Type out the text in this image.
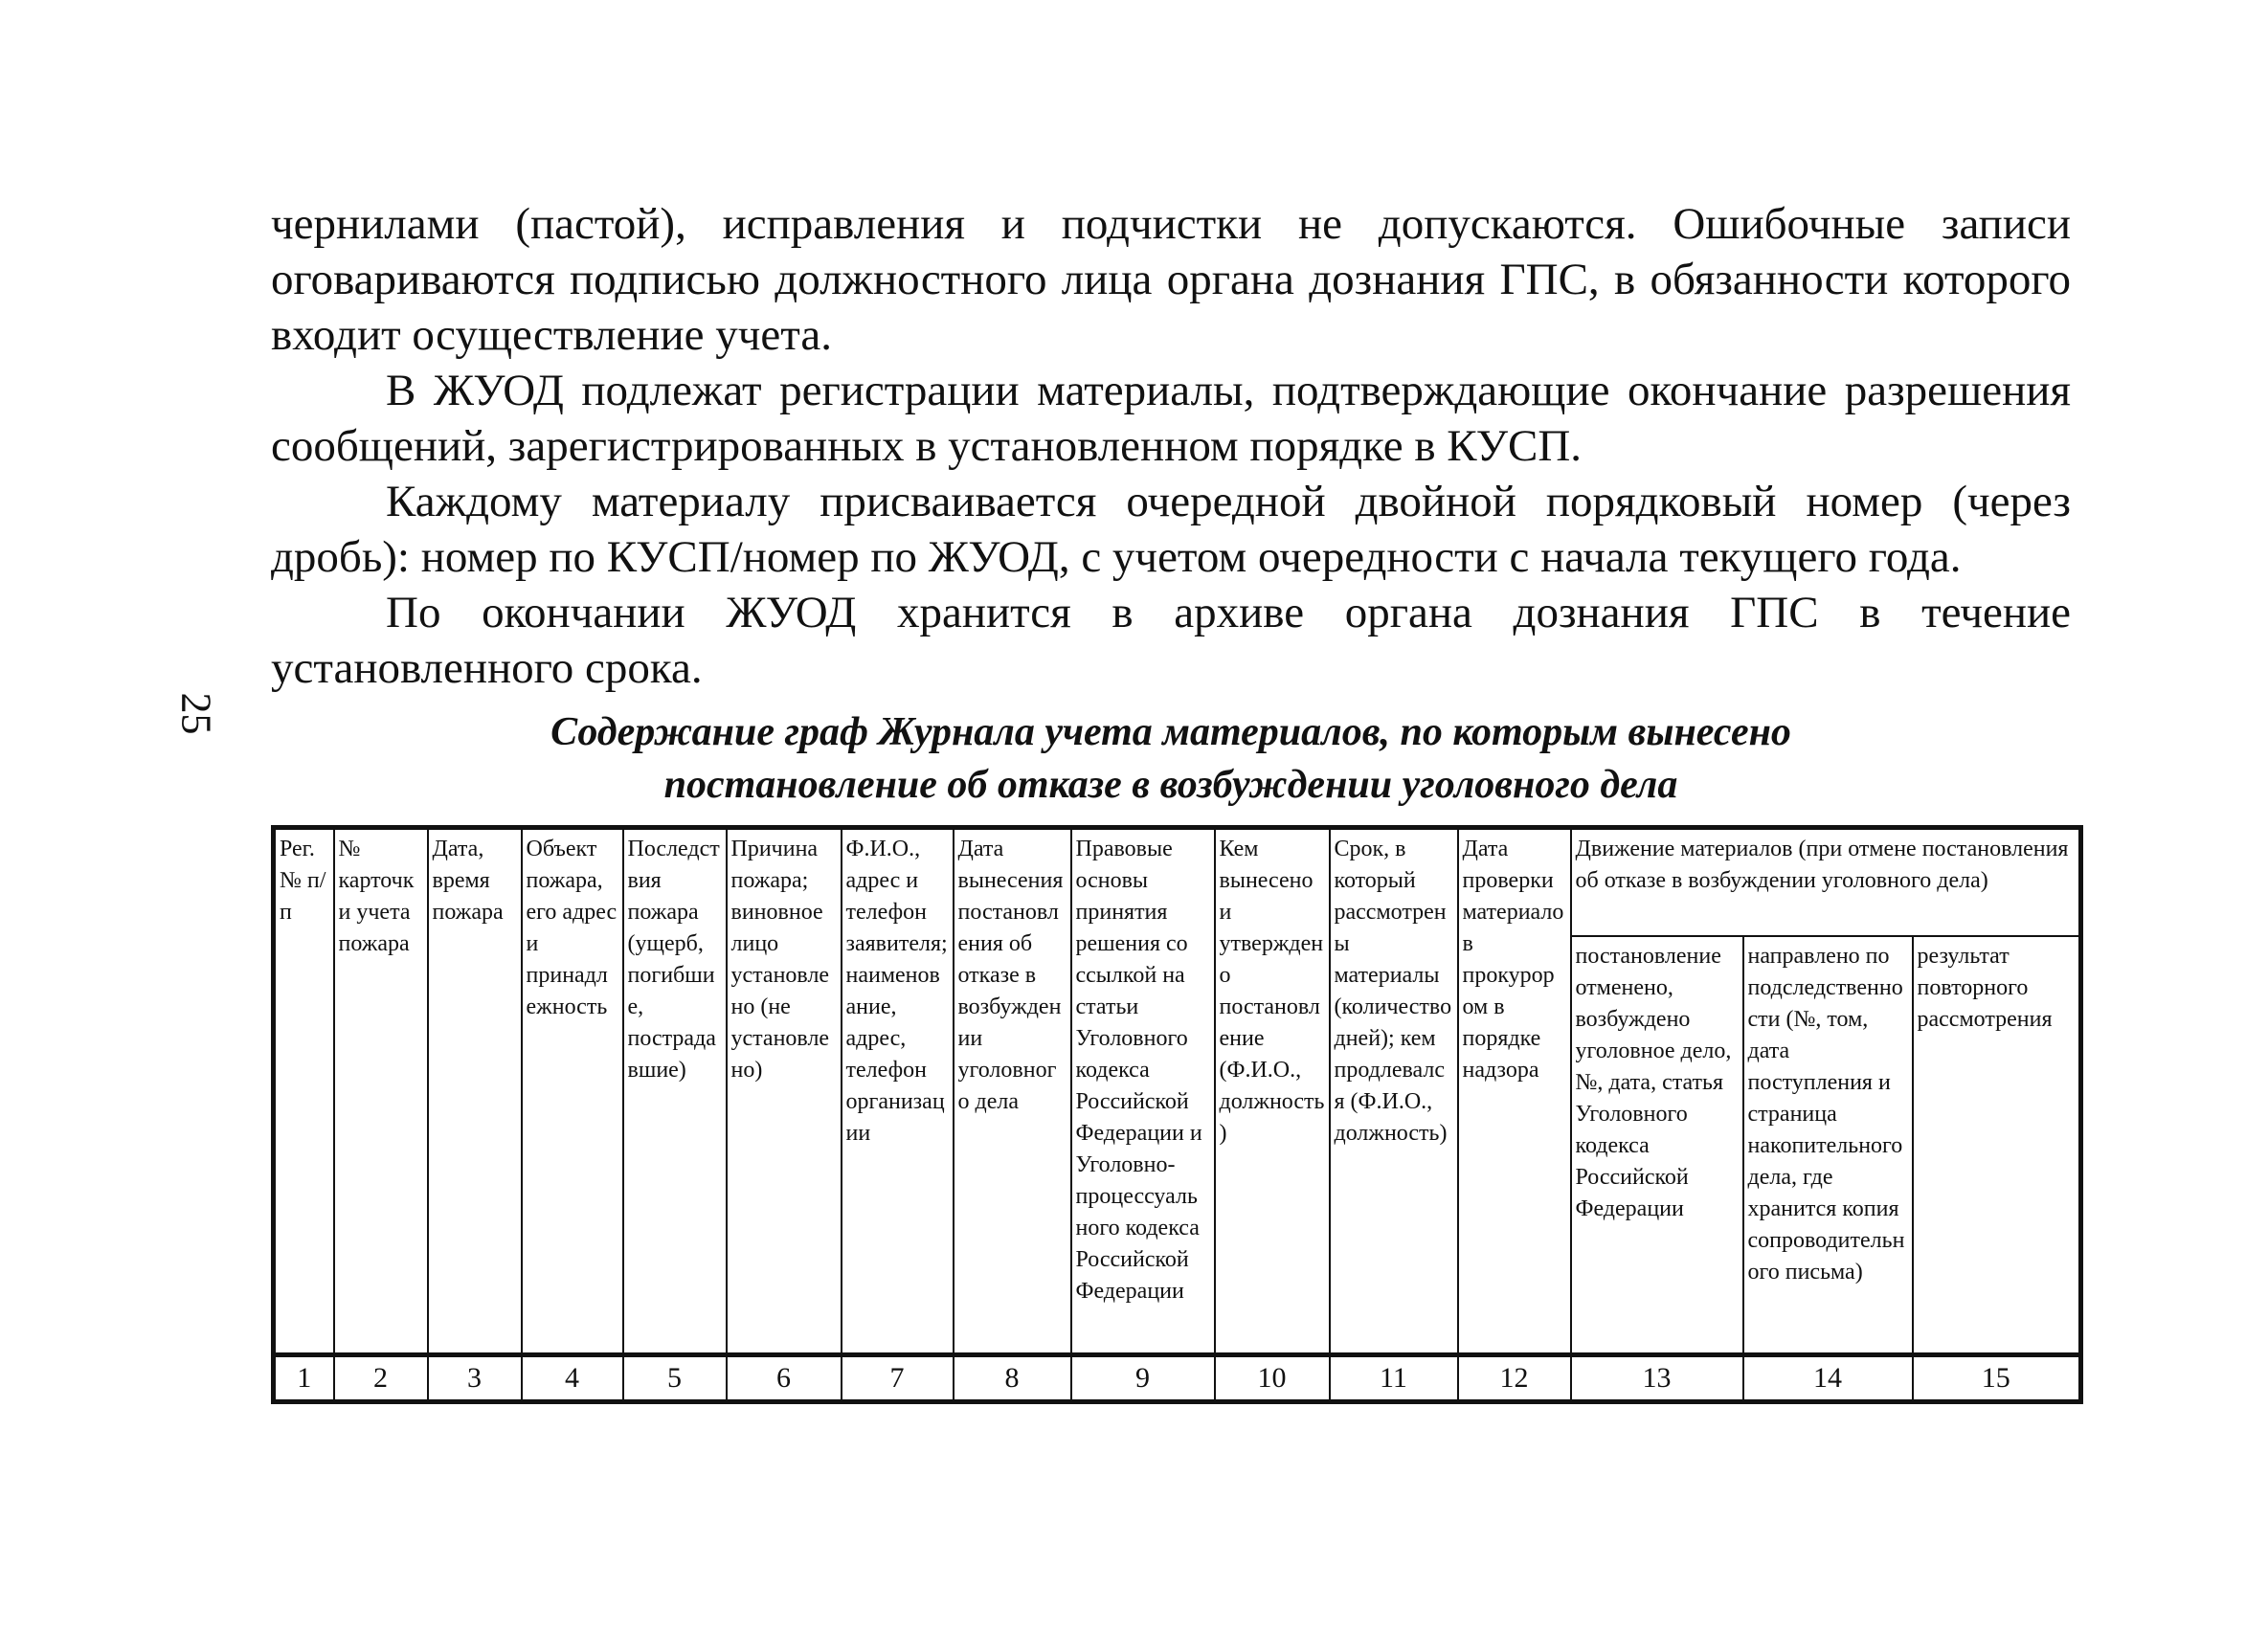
25

чернилами (пастой), исправления и подчистки не допускаются. Ошибочные записи оговариваются подписью должностного лица органа дознания ГПС, в обязанности которого входит осуществление учета.

В ЖУОД подлежат регистрации материалы, подтверждающие окончание разрешения сообщений, зарегистрированных в установленном порядке в КУСП.

Каждому материалу присваивается очередной двойной порядковый номер (через дробь): номер по КУСП/номер по ЖУОД, с учетом очередности с начала текущего года.

По окончании ЖУОД хранится в архиве органа дознания ГПС в течение установленного срока.

Содержание граф Журнала учета материалов, по которым вынесено
постановление об отказе в возбуждении уголовного дела
Рег. № п/п	№ карточки учета пожара	Дата, время пожара	Объект пожара, его адрес и принадлежность	Последствия пожара (ущерб, погибшие, пострадавшие)	Причина пожара; виновное лицо установлено (не установлено)	Ф.И.О., адрес и телефон заявителя; наименование, адрес, телефон организации	Дата вынесения постановления об отказе в возбуждении уголовного дела	Правовые основы принятия решения со ссылкой на статьи Уголовного кодекса Российской Федерации и Уголовно-процессуального кодекса Российской Федерации	Кем вынесено и утверждено постановление (Ф.И.О., должность)	Срок, в который рассмотрены материалы (количество дней); кем продлевался (Ф.И.О., должность)	Дата проверки материалов прокурором в порядке надзора	Движение материалов (при отмене постановления об отказе в возбуждении уголовного дела)		
												постановление отменено, возбуждено уголовное дело, №, дата, статья Уголовного кодекса Российской Федерации	направлено по подследственности (№, том, дата поступления и страница накопительного дела, где хранится копия сопроводительного письма)	результат повторного рассмотрения
1	2	3	4	5	6	7	8	9	10	11	12	13	14	15
